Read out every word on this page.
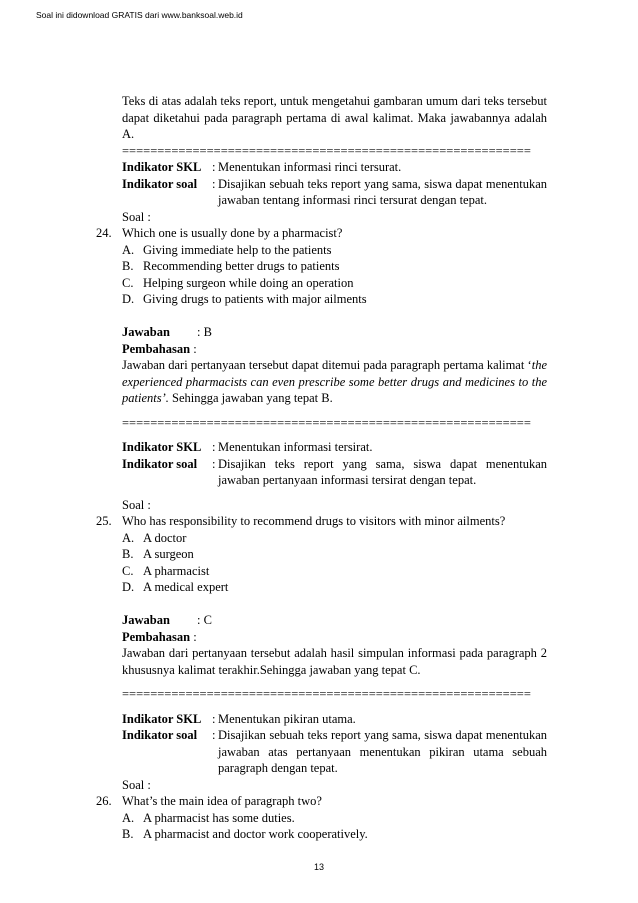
Soal ini didownload GRATIS dari www.banksoal.web.id
Teks di atas adalah teks report, untuk mengetahui gambaran umum dari teks tersebut dapat diketahui pada paragraph pertama di awal kalimat. Maka jawabannya adalah A.
==========================================================
Indikator SKL : Menentukan informasi rinci tersurat.
Indikator soal	: Disajikan sebuah teks report yang sama, siswa dapat menentukan jawaban tentang informasi rinci tersurat dengan tepat.
Soal :
24. Which one is usually done by a pharmacist?
A. Giving immediate help to the patients
B. Recommending better drugs to patients
C. Helping surgeon while doing an operation
D. Giving drugs to patients with major ailments
Jawaban	: B
Pembahasan :
Jawaban dari pertanyaan tersebut dapat ditemui pada paragraph pertama kalimat ‘the experienced pharmacists can even prescribe some better drugs and medicines to the patients’. Sehingga jawaban yang tepat B.
==========================================================
Indikator SKL : Menentukan informasi tersirat.
Indikator soal	: Disajikan teks report yang sama, siswa dapat menentukan jawaban pertanyaan informasi tersirat dengan tepat.
Soal :
25. Who has responsibility to recommend drugs to visitors with minor ailments?
A. A doctor
B. A surgeon
C. A pharmacist
D. A medical expert
Jawaban	: C
Pembahasan :
Jawaban dari pertanyaan tersebut adalah hasil simpulan informasi pada paragraph 2 khususnya kalimat terakhir.Sehingga jawaban yang tepat C.
==========================================================
Indikator SKL : Menentukan pikiran utama.
Indikator soal	: Disajikan sebuah teks report yang sama, siswa dapat menentukan jawaban atas pertanyaan menentukan pikiran utama sebuah paragraph dengan tepat.
Soal :
26. What’s the main idea of paragraph two?
A. A pharmacist has some duties.
B. A pharmacist and doctor work cooperatively.
13
